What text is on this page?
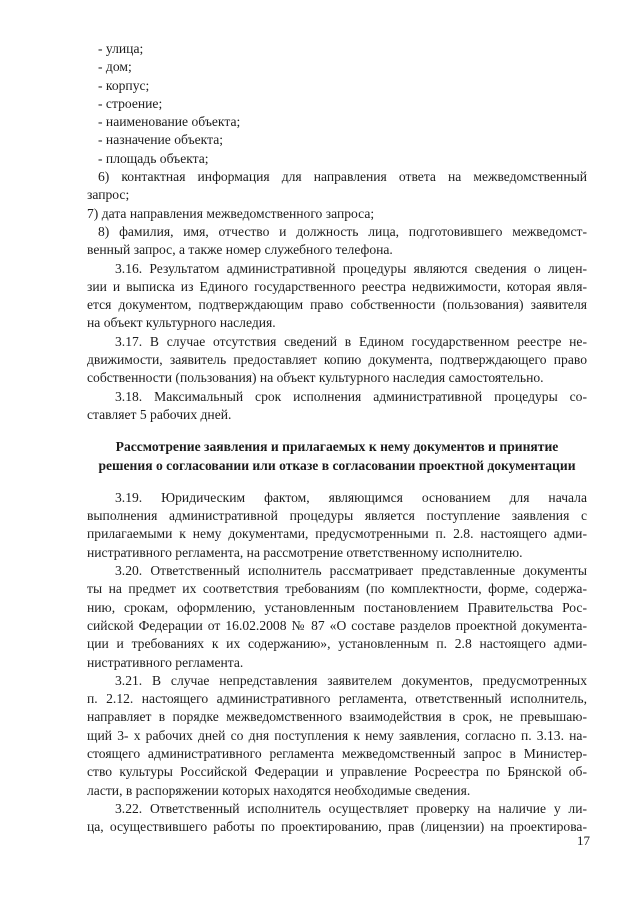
- улица;
- дом;
- корпус;
- строение;
- наименование объекта;
- назначение объекта;
- площадь объекта;
6) контактная информация для направления ответа на межведомственный
запрос;
7) дата направления межведомственного запроса;
8) фамилия, имя, отчество и должность лица, подготовившего межведомст-
венный запрос, а также номер служебного телефона.
3.16. Результатом административной процедуры являются сведения о лицен-
зии и выписка из Единого государственного реестра недвижимости, которая явля-
ется документом, подтверждающим право собственности (пользования) заявителя
на объект культурного наследия.
3.17. В случае отсутствия сведений в Едином государственном реестре не-
движимости, заявитель предоставляет копию документа, подтверждающего право
собственности (пользования) на объект культурного наследия самостоятельно.
3.18. Максимальный срок исполнения административной процедуры со-
ставляет 5 рабочих дней.
Рассмотрение заявления и прилагаемых к нему документов и принятие
решения о согласовании или отказе в согласовании проектной документации
3.19. Юридическим фактом, являющимся основанием для начала
выполнения административной процедуры является поступление заявления с
прилагаемыми к нему документами, предусмотренными п. 2.8. настоящего адми-
нистративного регламента, на рассмотрение ответственному исполнителю.
3.20. Ответственный исполнитель рассматривает представленные документы
ты на предмет их соответствия требованиям (по комплектности, форме, содержа-
нию, срокам, оформлению, установленным постановлением Правительства Рос-
сийской Федерации от 16.02.2008 № 87 «О составе разделов проектной документа-
ции и требованиях к их содержанию», установленным п. 2.8 настоящего адми-
нистративного регламента.
3.21. В случае непредставления заявителем документов, предусмотренных
п. 2.12. настоящего административного регламента, ответственный исполнитель,
направляет в порядке межведомственного взаимодействия в срок, не превышаю-
щий 3- х рабочих дней со дня поступления к нему заявления, согласно п. 3.13. на-
стоящего административного регламента межведомственный запрос в Министер-
ство культуры Российской Федерации и управление Росреестра по Брянской об-
ласти, в распоряжении которых находятся необходимые сведения.
3.22. Ответственный исполнитель осуществляет проверку на наличие у ли-
ца, осуществившего работы по проектированию, прав (лицензии) на проектирова-
17
